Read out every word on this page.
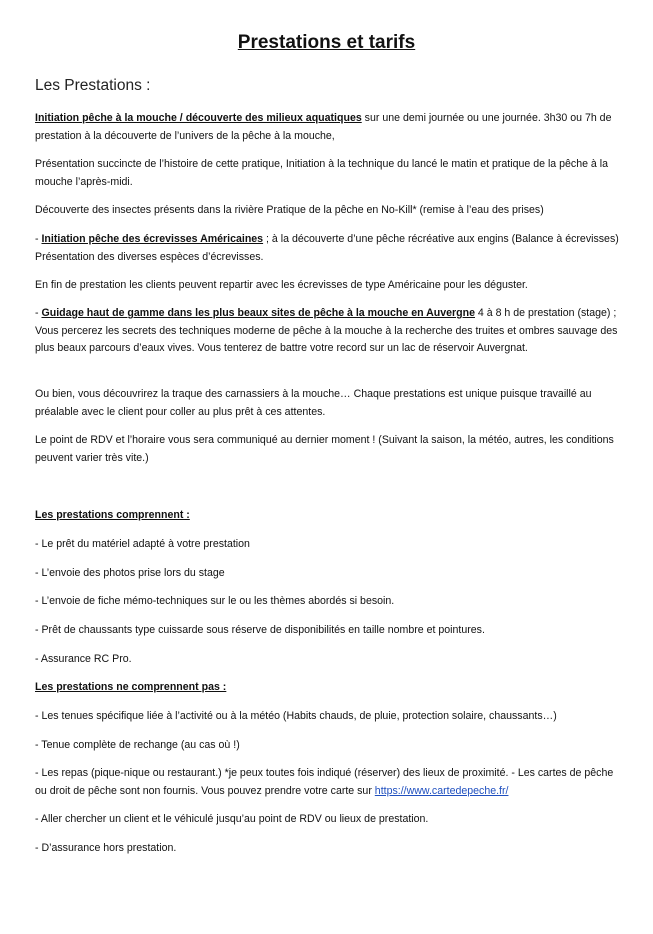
Prestations et tarifs
Les Prestations :
Initiation pêche à la mouche / découverte des milieux aquatiques sur une demi journée ou une journée. 3h30 ou 7h de prestation à la découverte de l’univers de la pêche à la mouche,
Présentation succincte de l’histoire de cette pratique, Initiation à la technique du lancé le matin et pratique de la pêche à la mouche l’après-midi.
Découverte des insectes présents dans la rivière Pratique de la pêche en No-Kill* (remise à l’eau des prises)
- Initiation pêche des écrevisses Américaines ; à la découverte d’une pêche récréative aux engins (Balance à écrevisses) Présentation des diverses espèces d’écrevisses.
En fin de prestation les clients peuvent repartir avec les écrevisses de type Américaine pour les déguster.
- Guidage haut de gamme dans les plus beaux sites de pêche à la mouche en Auvergne 4 à 8 h de prestation (stage) ; Vous percerez les secrets des techniques moderne de pêche à la mouche à la recherche des truites et ombres sauvage des plus beaux parcours d’eaux vives. Vous tenterez de battre votre record sur un lac de réservoir Auvergnat.
Ou bien, vous découvrirez la traque des carnassiers à la mouche… Chaque prestations est unique puisque travaillé au préalable avec le client pour coller au plus prêt à ces attentes.
Le point de RDV et l’horaire vous sera communiqué au dernier moment ! (Suivant la saison, la météo, autres, les conditions peuvent varier très vite.)
Les prestations comprennent :
- Le prêt du matériel adapté à votre prestation
- L’envoie des photos prise lors du stage
- L’envoie de fiche mémo-techniques sur le ou les thèmes abordés si besoin.
- Prêt de chaussants type cuissarde sous réserve de disponibilités en taille nombre et pointures.
- Assurance RC Pro.
Les prestations ne comprennent pas :
- Les tenues spécifique liée à l’activité ou à la météo (Habits chauds, de pluie, protection solaire, chaussants…)
- Tenue complète de rechange (au cas où !)
- Les repas (pique-nique ou restaurant.) *je peux toutes fois indiqué (réserver) des lieux de proximité. - Les cartes de pêche ou droit de pêche sont non fournis. Vous pouvez prendre votre carte sur https://www.cartedepeche.fr/
- Aller chercher un client et le véhiculé jusqu’au point de RDV ou lieux de prestation.
- D’assurance hors prestation.
